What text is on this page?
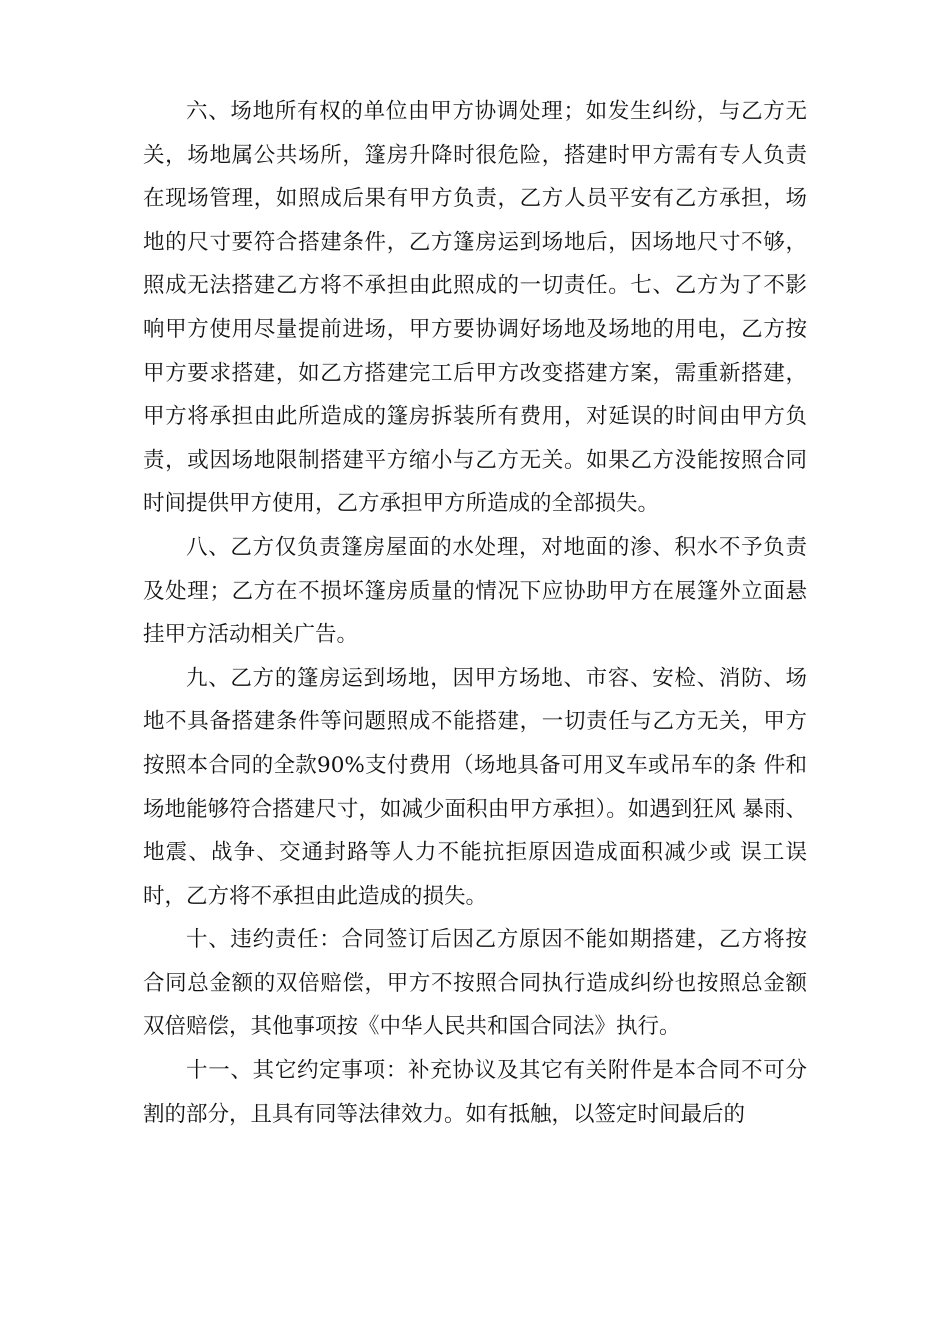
六、场地所有权的单位由甲方协调处理；如发生纠纷，与乙方无关，场地属公共场所，篷房升降时很危险，搭建时甲方需有专人负责在现场管理，如照成后果有甲方负责，乙方人员平安有乙方承担，场地的尺寸要符合搭建条件，乙方篷房运到场地后，因场地尺寸不够，照成无法搭建乙方将不承担由此照成的一切责任。七、乙方为了不影响甲方使用尽量提前进场，甲方要协调好场地及场地的用电，乙方按甲方要求搭建，如乙方搭建完工后甲方改变搭建方案，需重新搭建，甲方将承担由此所造成的篷房拆装所有费用，对延误的时间由甲方负责，或因场地限制搭建平方缩小与乙方无关。如果乙方没能按照合同时间提供甲方使用，乙方承担甲方所造成的全部损失。

八、乙方仅负责篷房屋面的水处理，对地面的渗、积水不予负责及处理；乙方在不损坏篷房质量的情况下应协助甲方在展篷外立面悬挂甲方活动相关广告。

九、乙方的篷房运到场地，因甲方场地、市容、安检、消防、场地不具备搭建条件等问题照成不能搭建，一切责任与乙方无关，甲方按照本合同的全款90%支付费用（场地具备可用叉车或吊车的条 件和场地能够符合搭建尺寸，如减少面积由甲方承担）。如遇到狂风 暴雨、地震、战争、交通封路等人力不能抗拒原因造成面积减少或 误工误时，乙方将不承担由此造成的损失。

十、违约责任：合同签订后因乙方原因不能如期搭建，乙方将按合同总金额的双倍赔偿，甲方不按照合同执行造成纠纷也按照总金额双倍赔偿，其他事项按《中华人民共和国合同法》执行。

十一、其它约定事项：补充协议及其它有关附件是本合同不可分割的部分，且具有同等法律效力。如有抵触，以签定时间最后的
